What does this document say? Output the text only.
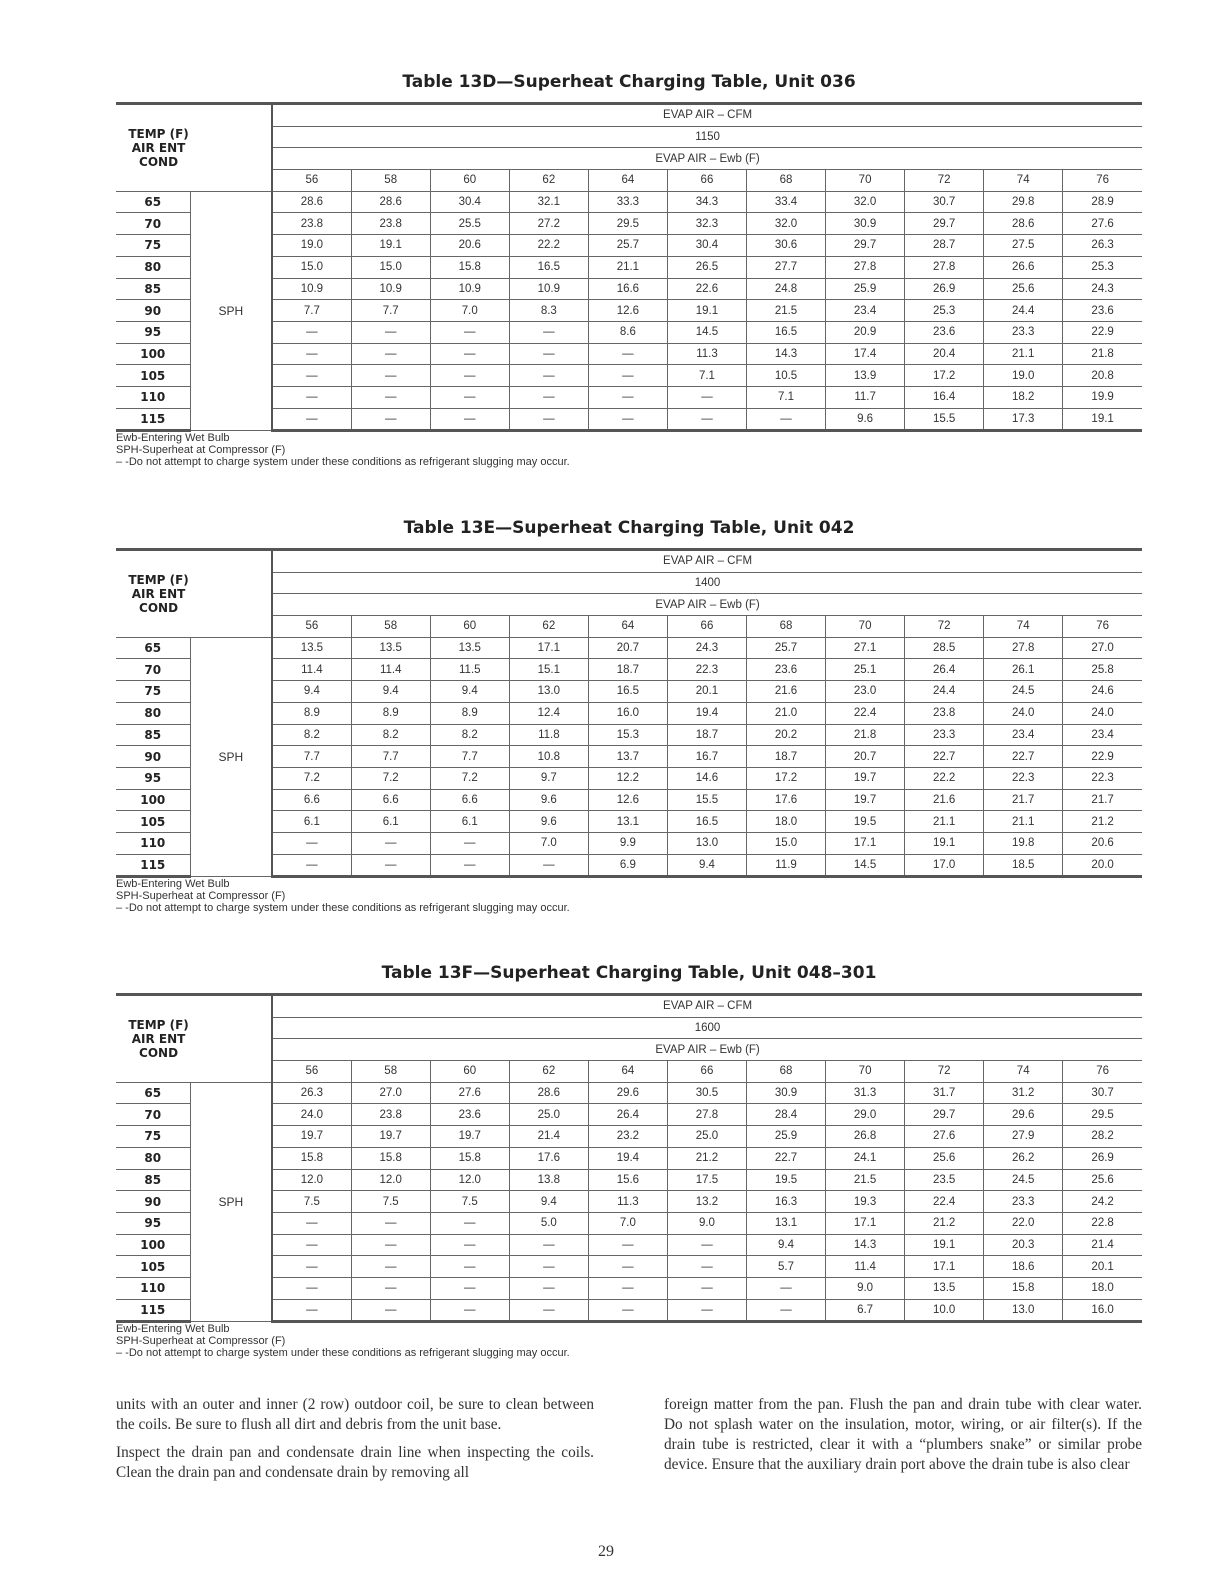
Table 13D—Superheat Charging Table, Unit 036
TEMP (F)
AIR ENT
COND		EVAP AIR – CFM										
		1150										
		EVAP AIR – Ewb (F)										
		56	58	60	62	64	66	68	70	72	74	76
65	SPH	28.6	28.6	30.4	32.1	33.3	34.3	33.4	32.0	30.7	29.8	28.9
70		23.8	23.8	25.5	27.2	29.5	32.3	32.0	30.9	29.7	28.6	27.6
75		19.0	19.1	20.6	22.2	25.7	30.4	30.6	29.7	28.7	27.5	26.3
80		15.0	15.0	15.8	16.5	21.1	26.5	27.7	27.8	27.8	26.6	25.3
85		10.9	10.9	10.9	10.9	16.6	22.6	24.8	25.9	26.9	25.6	24.3
90		7.7	7.7	7.0	8.3	12.6	19.1	21.5	23.4	25.3	24.4	23.6
95		—	—	—	—	8.6	14.5	16.5	20.9	23.6	23.3	22.9
100		—	—	—	—	—	11.3	14.3	17.4	20.4	21.1	21.8
105		—	—	—	—	—	7.1	10.5	13.9	17.2	19.0	20.8
110		—	—	—	—	—	—	7.1	11.7	16.4	18.2	19.9
115		—	—	—	—	—	—	—	9.6	15.5	17.3	19.1
Ewb-Entering Wet Bulb
SPH-Superheat at Compressor (F)
– -Do not attempt to charge system under these conditions as refrigerant slugging may occur.
Table 13E—Superheat Charging Table, Unit 042
TEMP (F)
AIR ENT
COND		EVAP AIR – CFM										
		1400										
		EVAP AIR – Ewb (F)										
		56	58	60	62	64	66	68	70	72	74	76
65	SPH	13.5	13.5	13.5	17.1	20.7	24.3	25.7	27.1	28.5	27.8	27.0
70		11.4	11.4	11.5	15.1	18.7	22.3	23.6	25.1	26.4	26.1	25.8
75		9.4	9.4	9.4	13.0	16.5	20.1	21.6	23.0	24.4	24.5	24.6
80		8.9	8.9	8.9	12.4	16.0	19.4	21.0	22.4	23.8	24.0	24.0
85		8.2	8.2	8.2	11.8	15.3	18.7	20.2	21.8	23.3	23.4	23.4
90		7.7	7.7	7.7	10.8	13.7	16.7	18.7	20.7	22.7	22.7	22.9
95		7.2	7.2	7.2	9.7	12.2	14.6	17.2	19.7	22.2	22.3	22.3
100		6.6	6.6	6.6	9.6	12.6	15.5	17.6	19.7	21.6	21.7	21.7
105		6.1	6.1	6.1	9.6	13.1	16.5	18.0	19.5	21.1	21.1	21.2
110		—	—	—	7.0	9.9	13.0	15.0	17.1	19.1	19.8	20.6
115		—	—	—	—	6.9	9.4	11.9	14.5	17.0	18.5	20.0
Ewb-Entering Wet Bulb
SPH-Superheat at Compressor (F)
– -Do not attempt to charge system under these conditions as refrigerant slugging may occur.
Table 13F—Superheat Charging Table, Unit 048–301
TEMP (F)
AIR ENT
COND		EVAP AIR – CFM										
		1600										
		EVAP AIR – Ewb (F)										
		56	58	60	62	64	66	68	70	72	74	76
65	SPH	26.3	27.0	27.6	28.6	29.6	30.5	30.9	31.3	31.7	31.2	30.7
70		24.0	23.8	23.6	25.0	26.4	27.8	28.4	29.0	29.7	29.6	29.5
75		19.7	19.7	19.7	21.4	23.2	25.0	25.9	26.8	27.6	27.9	28.2
80		15.8	15.8	15.8	17.6	19.4	21.2	22.7	24.1	25.6	26.2	26.9
85		12.0	12.0	12.0	13.8	15.6	17.5	19.5	21.5	23.5	24.5	25.6
90		7.5	7.5	7.5	9.4	11.3	13.2	16.3	19.3	22.4	23.3	24.2
95		—	—	—	5.0	7.0	9.0	13.1	17.1	21.2	22.0	22.8
100		—	—	—	—	—	—	9.4	14.3	19.1	20.3	21.4
105		—	—	—	—	—	—	5.7	11.4	17.1	18.6	20.1
110		—	—	—	—	—	—	—	9.0	13.5	15.8	18.0
115		—	—	—	—	—	—	—	6.7	10.0	13.0	16.0
Ewb-Entering Wet Bulb
SPH-Superheat at Compressor (F)
– -Do not attempt to charge system under these conditions as refrigerant slugging may occur.

units with an outer and inner (2 row) outdoor coil, be sure to clean between the coils. Be sure to flush all dirt and debris from the unit base.

Inspect the drain pan and condensate drain line when inspecting the coils. Clean the drain pan and condensate drain by removing all

foreign matter from the pan. Flush the pan and drain tube with clear water. Do not splash water on the insulation, motor, wiring, or air filter(s). If the drain tube is restricted, clear it with a “plumbers snake” or similar probe device. Ensure that the auxiliary drain port above the drain tube is also clear

29
